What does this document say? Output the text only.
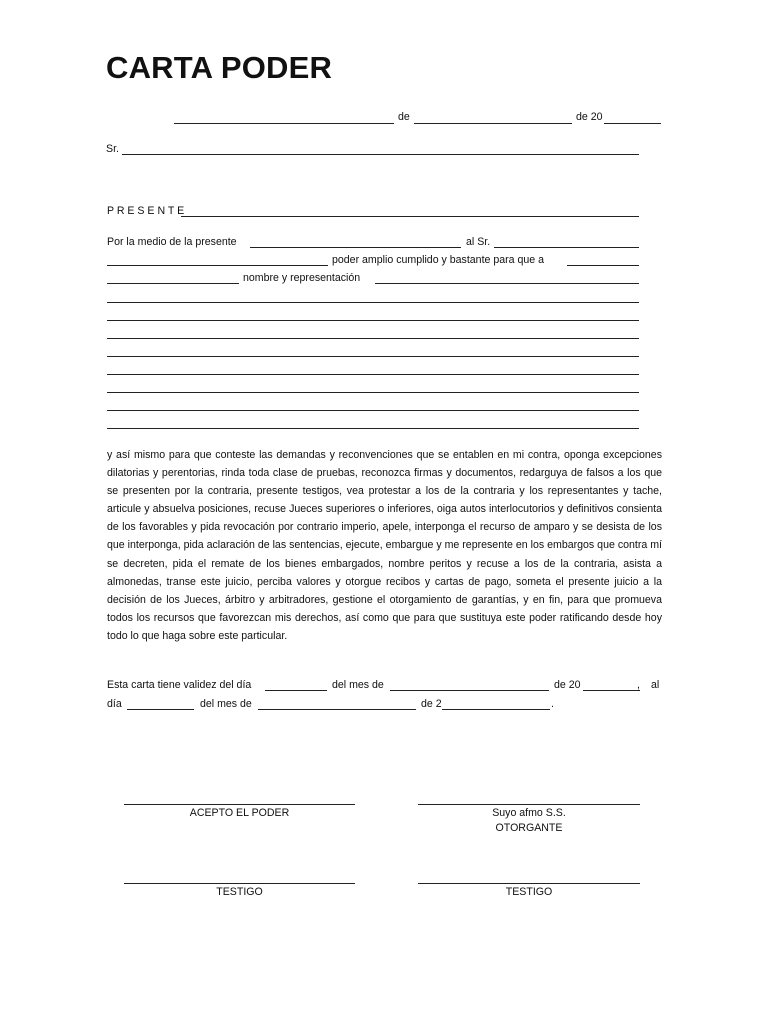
CARTA PODER
de	de 20
Sr.
P R E S E N T E
Por la medio de la presente	al Sr.
poder amplio cumplido y bastante para que a
nombre y representación
y así mismo para que conteste las demandas y reconvenciones que se entablen en mi contra, oponga excepciones dilatorias y perentorias, rinda toda clase de pruebas, reconozca firmas y documentos, redarguya de falsos a los que se presenten por la contraria, presente testigos, vea protestar a los de la contraria y los representantes y tache, articule y absuelva posiciones, recuse Jueces superiores o inferiores, oiga autos interlocutorios y definitivos consienta de los favorables y pida revocación por contrario imperio, apele, interponga el recurso de amparo y se desista de los que interponga, pida aclaración de las sentencias, ejecute, embargue y me represente en los embargos que contra mí se decreten, pida el remate de los bienes embargados, nombre peritos y recuse a los de la contraria, asista a almonedas, transe este juicio, perciba valores y otorgue recibos y cartas de pago, someta el presente juicio a la decisión de los Jueces, árbitro y arbitradores, gestione el otorgamiento de garantías, y en fin, para que promueva todos los recursos que favorezcan mis derechos, así como que para que sustituya este poder ratificando desde hoy todo lo que haga sobre este particular.
Esta carta tiene validez del día	del mes de	de 20	, al
día	del mes de	de 2	.
ACEPTO EL PODER	Suyo afmo S.S.
OTORGANTE
TESTIGO	TESTIGO
